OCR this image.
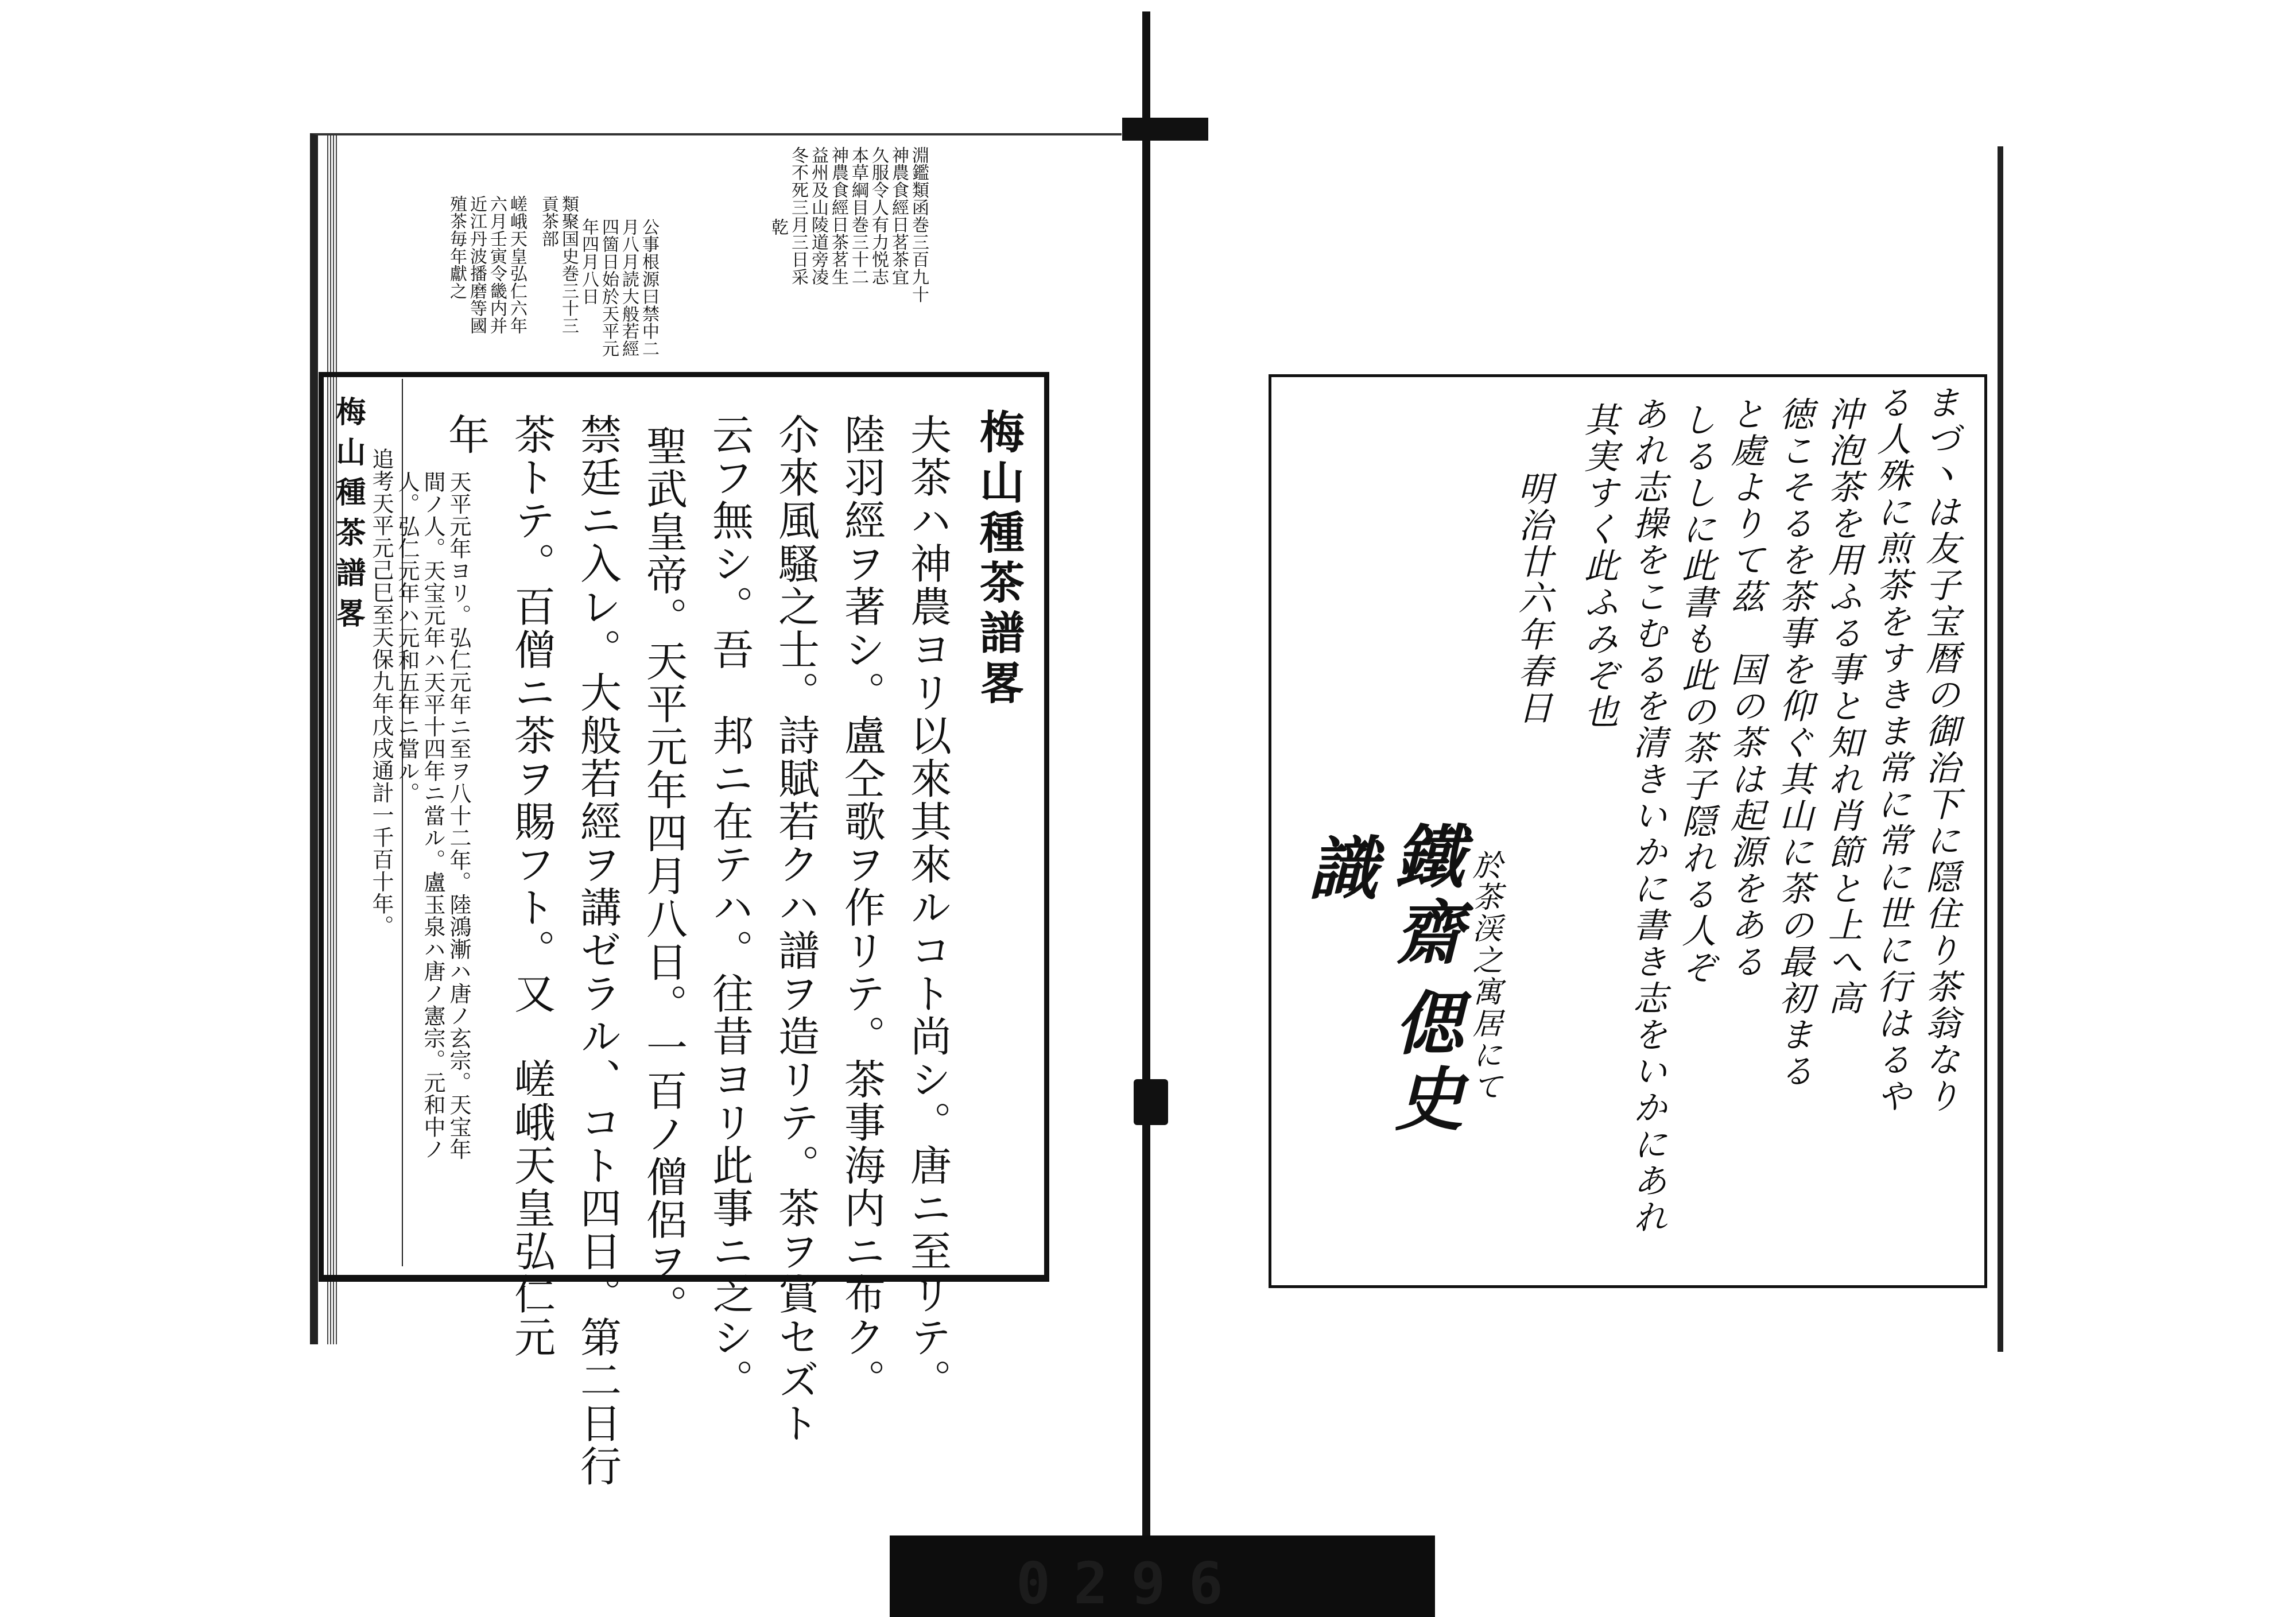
淵鑑類函巻三百九十
神農食經日茗茶宜
久服令人有力悦志
本草綱目巻三十二
神農食經日茶茗生
益州及山陵道旁凌
冬不死三月三日采
乾
公事根源曰禁中二
月八月読大般若經
四箇日始於天平元
年四月八日
類聚国史巻三十三
貢茶部
嵯峨天皇弘仁六年
六月壬寅令畿内并
近江丹波播磨等國
殖茶毎年獻之
梅山種茶譜畧	梅山種茶譜畧
夫茶ハ神農ヨリ以來其來ルコト尚シ。唐ニ至リテ。
陸羽經ヲ著シ。盧仝歌ヲ作リテ。茶事海内ニ布ク。
尒來風騷之士。詩賦若クハ譜ヲ造リテ。茶ヲ賞セズト
云フ無シ。吾　邦ニ在テハ。往昔ヨリ此事ニ乏シ。
聖武皇帝。天平元年四月八日。一百ノ僧侶ヲ。
禁廷ニ入レ。大般若經ヲ講ゼラル、コト四日。第二日行
茶トテ。百僧ニ茶ヲ賜フト。又　嵯峨天皇弘仁元
年
天平元年ヨリ。弘仁元年ニ至ヲ八十二年。陸鴻漸ハ唐ノ玄宗。天宝年
間ノ人。天宝元年ハ天平十四年ニ當ル。盧玉泉ハ唐ノ憲宗。元和中ノ
人。弘仁元年ハ元和五年ニ當ル。
追考天平元己巳至天保九年戊戌通計一千百十年。
0296
まづ丶は友子宝暦の御治下に隠住り茶翁なり
る人殊に煎茶をすきま常に常に世に行はるや
沖泡茶を用ふる事と知れ肖節と上へ高
徳こそるを茶事を仰ぐ其山に茶の最初まる
と處よりて茲　国の茶は起源をある
しるしに此書も此の茶子隠れる人ぞ
あれ志操をこむるを清きいかに書き志をいかにあれ
其実すく此ふみぞ也
明治廿六年春日
於茶渓之寓居にて
鐵齋
識
偲史
